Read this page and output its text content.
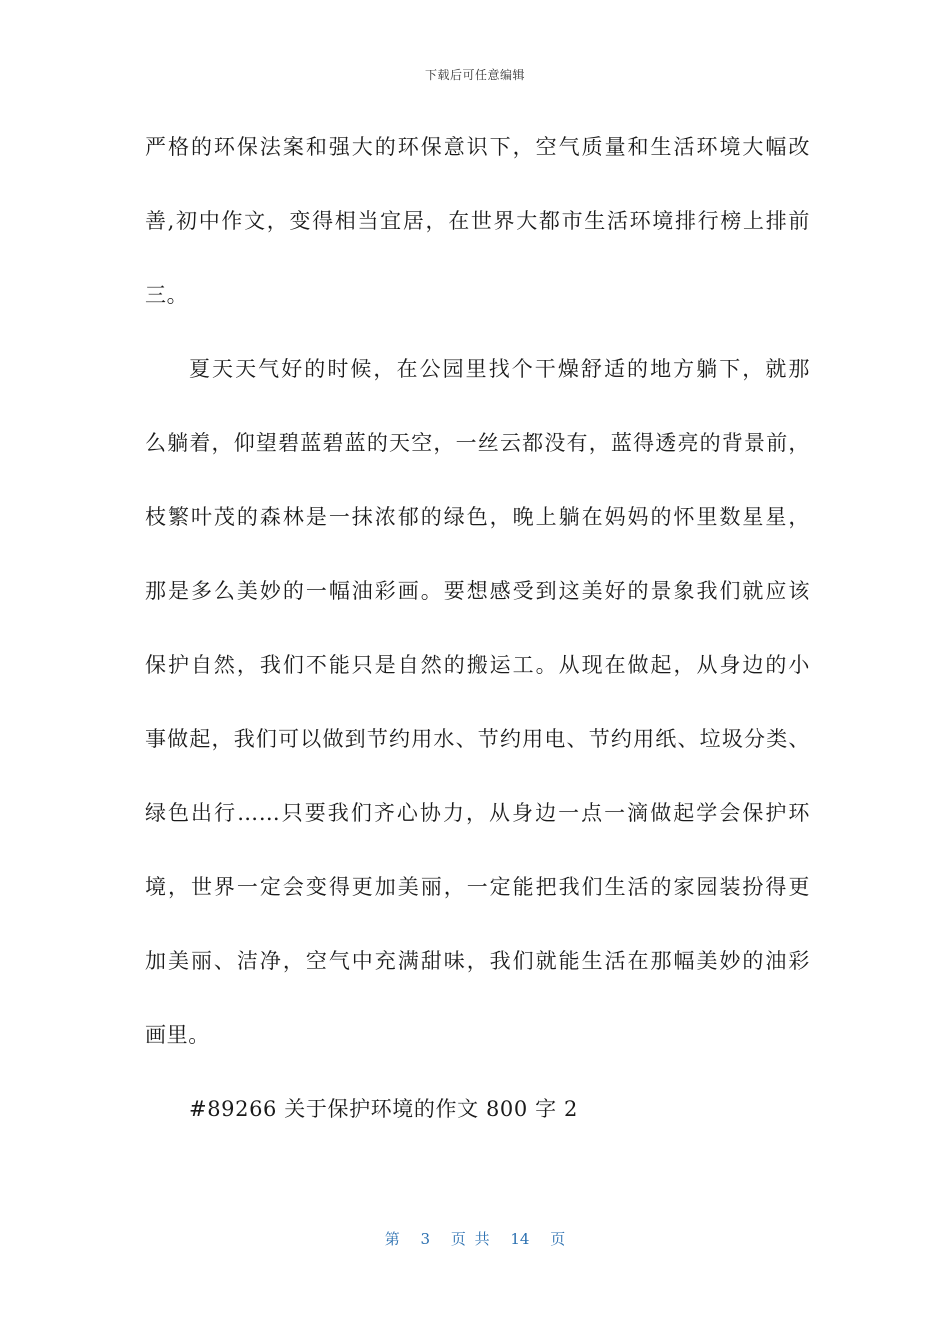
下载后可任意编辑
严格的环保法案和强大的环保意识下，空气质量和生活环境大幅改
善,初中作文，变得相当宜居，在世界大都市生活环境排行榜上排前
三。
夏天天气好的时候，在公园里找个干燥舒适的地方躺下，就那
么躺着，仰望碧蓝碧蓝的天空，一丝云都没有，蓝得透亮的背景前，
枝繁叶茂的森林是一抹浓郁的绿色，晚上躺在妈妈的怀里数星星，
那是多么美妙的一幅油彩画。要想感受到这美好的景象我们就应该
保护自然，我们不能只是自然的搬运工。从现在做起，从身边的小
事做起，我们可以做到节约用水、节约用电、节约用纸、垃圾分类、
绿色出行……只要我们齐心协力，从身边一点一滴做起学会保护环
境，世界一定会变得更加美丽，一定能把我们生活的家园装扮得更
加美丽、洁净，空气中充满甜味，我们就能生活在那幅美妙的油彩
画里。
#89266 关于保护环境的作文 800 字 2
第 3 页 共 14 页
